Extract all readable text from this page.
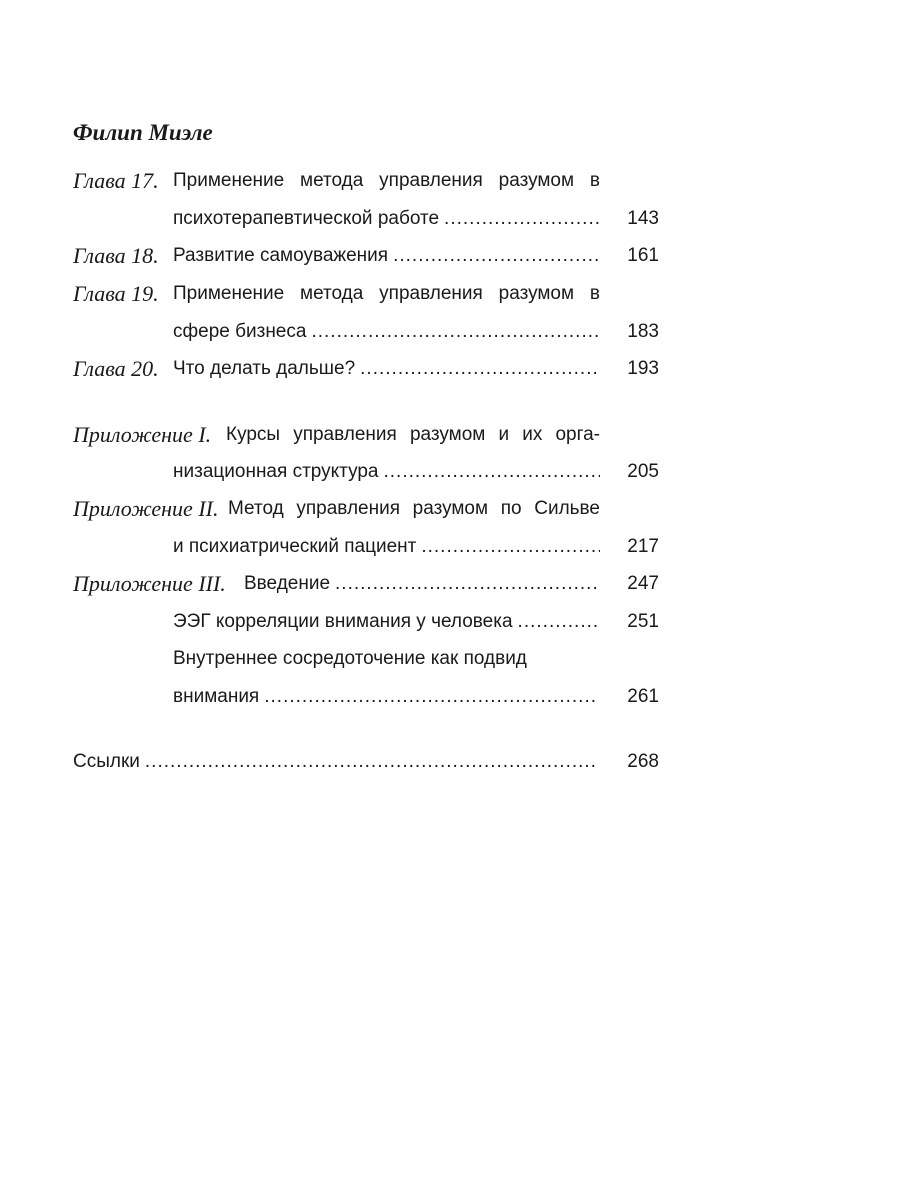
Филип Миэле
Глава 17. Применение метода управления разумом в
психотерапевтической работе .....	143
Глава 18. Развитие самоуважения .....	161
Глава 19. Применение метода управления разумом в
сфере бизнеса .....	183
Глава 20. Что делать дальше? .....	193
Приложение I. Курсы управления разумом и их орга-
низационная структура .....	205
Приложение II. Метод управления разумом по Сильве
и психиатрический пациент .....	217
Приложение III. Введение .....	247
ЭЭГ корреляции внимания у человека .....	251
Внутреннее сосредоточение как подвид
внимания .....	261
Ссылки .....	268
